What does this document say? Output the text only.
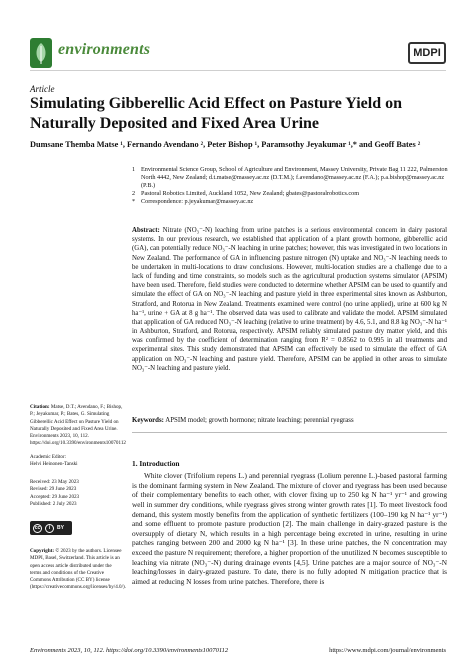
environments	MDPI
Article
Simulating Gibberellic Acid Effect on Pasture Yield on Naturally Deposited and Fixed Area Urine
Dumsane Themba Matse ¹, Fernando Avendano ², Peter Bishop ¹, Paramsothy Jeyakumar ¹,* and Geoff Bates ²
1 Environmental Science Group, School of Agriculture and Environment, Massey University, Private Bag 11 222, Palmerston North 4442, New Zealand; d.t.matse@massey.ac.nz (D.T.M.); f.avendano@massey.ac.nz (F.A.); p.a.bishop@massey.ac.nz (P.B.)
2 Pastoral Robotics Limited, Auckland 1052, New Zealand; gbates@pastoralrobotics.com
* Correspondence: p.jeyakumar@massey.ac.nz
Abstract: Nitrate (NO₃⁻-N) leaching from urine patches is a serious environmental concern in dairy pastoral systems. In our previous research, we established that application of a plant growth hormone, gibberellic acid (GA), can potentially reduce NO₃⁻-N leaching in urine patches; however, this was investigated in two locations in New Zealand. The performance of GA in influencing pasture nitrogen (N) uptake and NO₃⁻-N leaching needs to be undertaken in multi-locations to draw conclusions. However, multi-location studies are a challenge due to a lack of funding and time constraints, so models such as the agricultural production systems simulator (APSIM) have been used. Therefore, field studies were conducted to determine whether APSIM can be used to quantify and simulate the effect of GA on NO₃⁻-N leaching and pasture yield in three experimental sites known as Ashburton, Stratford, and Rotorua in New Zealand. Treatments examined were control (no urine applied), urine at 600 kg N ha⁻¹, urine + GA at 8 g ha⁻¹. The observed data was used to calibrate and validate the model. APSIM simulated that application of GA reduced NO₃⁻-N leaching (relative to urine treatment) by 4.6, 5.1, and 8.8 kg NO₃⁻-N ha⁻¹ in Ashburton, Stratford, and Rotorua, respectively. APSIM reliably simulated pasture dry matter yield, and this was confirmed by the coefficient of determination ranging from R² = 0.8562 to 0.995 in all treatments and experimental sites. This study demonstrated that APSIM can effectively be used to simulate the effect of GA application on NO₃⁻-N leaching and pasture yield. Therefore, APSIM can be applied in other areas to simulate NO₃⁻-N leaching and pasture yield.
Keywords: APSIM model; growth hormone; nitrate leaching; perennial ryegrass
1. Introduction
White clover (Trifolium repens L.) and perennial ryegrass (Lolium perenne L.)-based pastoral farming is the dominant farming system in New Zealand. The mixture of clover and ryegrass has been used because of their complementary benefits to each other, with clover fixing up to 250 kg N ha⁻¹ yr⁻¹ and growing well in summer dry conditions, while ryegrass gives strong winter growth rates [1]. To meet livestock food demand, this system mostly benefits from the application of synthetic fertilizers (100–190 kg N ha⁻¹ yr⁻¹) and some effluent to promote pasture production [2]. The main challenge in dairy-grazed pasture is the oversupply of dietary N, which results in a high percentage being excreted in urine, resulting in urine patches ranging between 200 and 2000 kg N ha⁻¹ [3]. In these urine patches, the N concentration may exceed the pasture N requirement; therefore, a higher proportion of the unutilized N becomes susceptible to leaching via nitrate (NO₃⁻-N) during drainage events [4,5]. Urine patches are a major source of NO₃⁻-N leaching/losses in dairy-grazed pasture. To date, there is no fully adopted N mitigation practice that is aimed at reducing N losses from urine patches. Therefore, there is
Citation: Matse, D.T.; Avendano, F.; Bishop, P.; Jeyakumar, P.; Bates, G. Simulating Gibberellic Acid Effect on Pasture Yield on Naturally Deposited and Fixed Area Urine. Environments 2023, 10, 112. https://doi.org/10.3390/environments10070112
Academic Editor:
Helvi Heinonen-Tanski
Received: 23 May 2023
Revised: 29 June 2023
Accepted: 29 June 2023
Published: 2 July 2023
cc	i	BY
Copyright: © 2023 by the authors. Licensee MDPI, Basel, Switzerland. This article is an open access article distributed under the terms and conditions of the Creative Commons Attribution (CC BY) license (https://creativecommons.org/licenses/by/4.0/).
Environments 2023, 10, 112. https://doi.org/10.3390/environments10070112	https://www.mdpi.com/journal/environments
